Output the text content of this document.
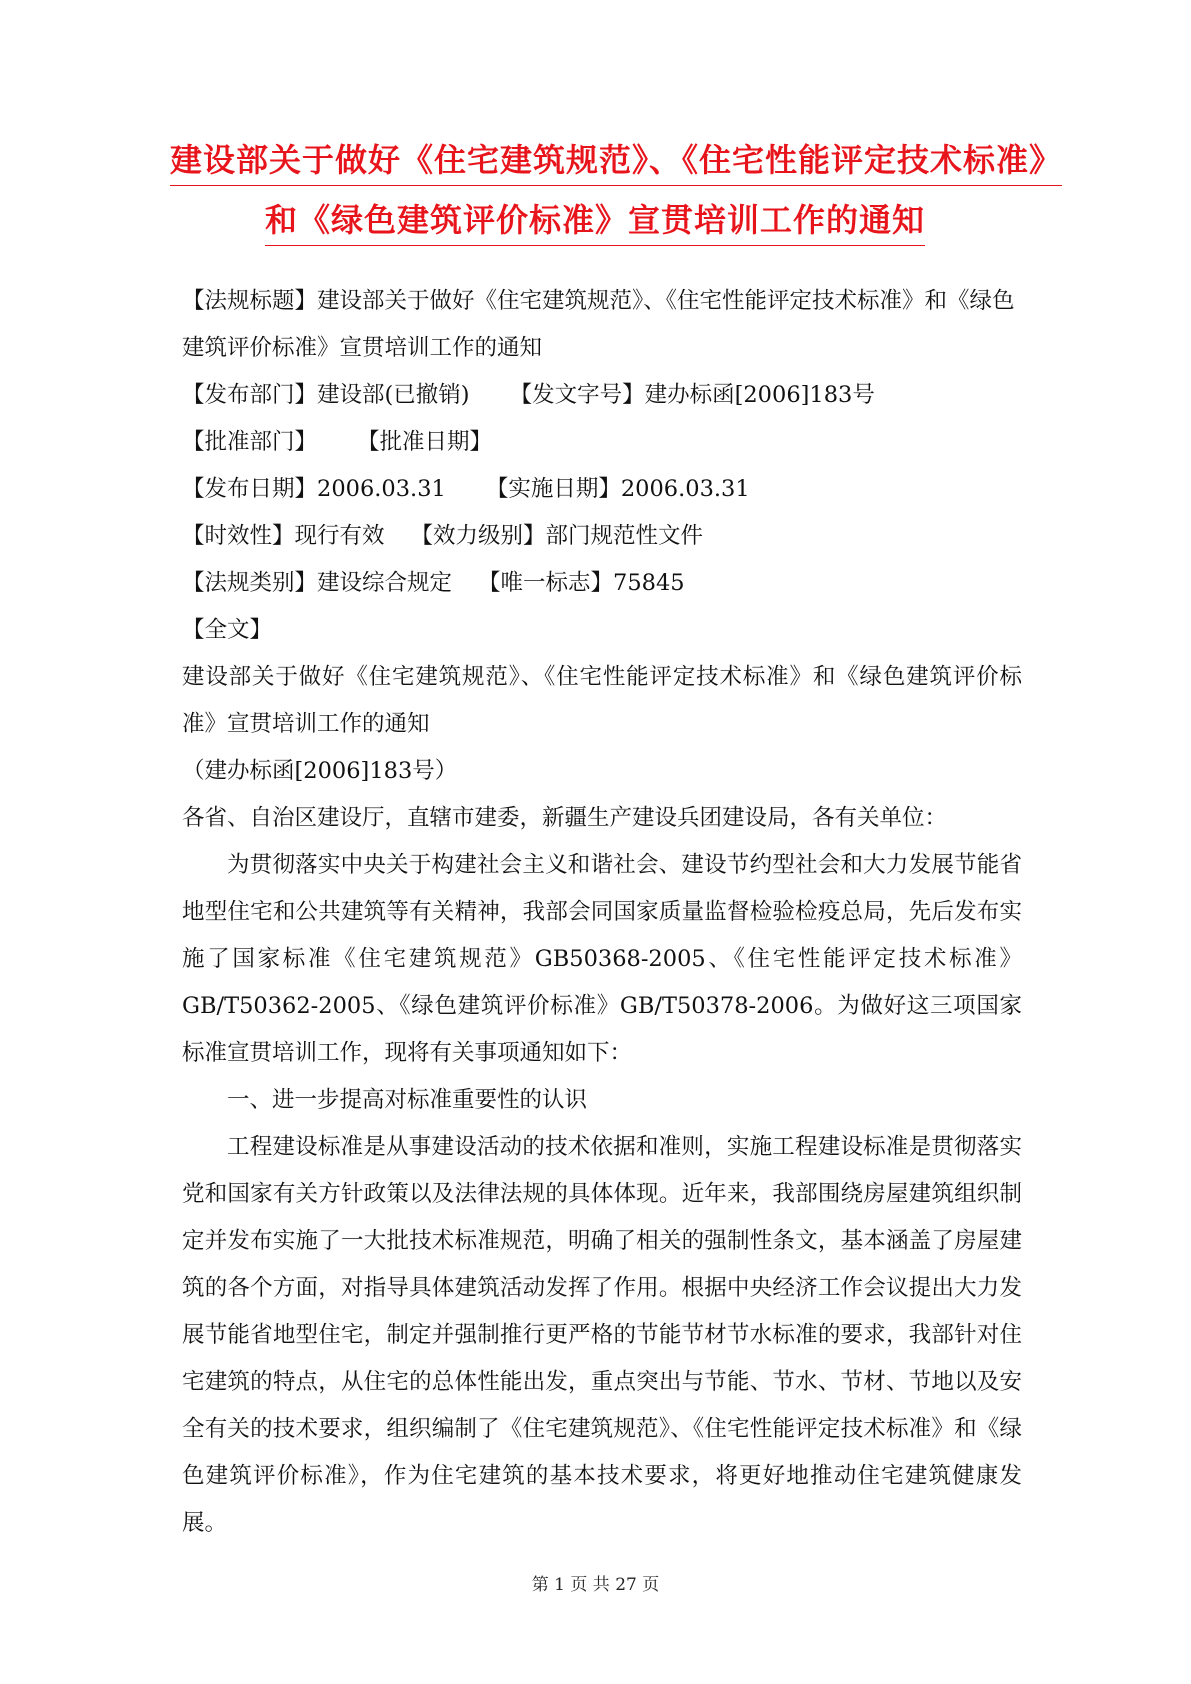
建设部关于做好《住宅建筑规范》、《住宅性能评定技术标准》
和《绿色建筑评价标准》宣贯培训工作的通知

【法规标题】建设部关于做好《住宅建筑规范》、《住宅性能评定技术标准》和《绿色建筑评价标准》宣贯培训工作的通知

【发布部门】建设部(已撤销) 【发文字号】建办标函[2006]183号

【批准部门】 【批准日期】

【发布日期】2006.03.31 【实施日期】2006.03.31

【时效性】现行有效 【效力级别】部门规范性文件

【法规类别】建设综合规定 【唯一标志】75845

【全文】

建设部关于做好《住宅建筑规范》、《住宅性能评定技术标准》和《绿色建筑评价标准》宣贯培训工作的通知

（建办标函[2006]183号）

各省、自治区建设厅，直辖市建委，新疆生产建设兵团建设局，各有关单位：

为贯彻落实中央关于构建社会主义和谐社会、建设节约型社会和大力发展节能省地型住宅和公共建筑等有关精神，我部会同国家质量监督检验检疫总局，先后发布实施了国家标准《住宅建筑规范》GB50368-2005、《住宅性能评定技术标准》GB/T50362-2005、《绿色建筑评价标准》GB/T50378-2006。为做好这三项国家标准宣贯培训工作，现将有关事项通知如下：

一、进一步提高对标准重要性的认识

工程建设标准是从事建设活动的技术依据和准则，实施工程建设标准是贯彻落实党和国家有关方针政策以及法律法规的具体体现。近年来，我部围绕房屋建筑组织制定并发布实施了一大批技术标准规范，明确了相关的强制性条文，基本涵盖了房屋建筑的各个方面，对指导具体建筑活动发挥了作用。根据中央经济工作会议提出大力发展节能省地型住宅，制定并强制推行更严格的节能节材节水标准的要求，我部针对住宅建筑的特点，从住宅的总体性能出发，重点突出与节能、节水、节材、节地以及安全有关的技术要求，组织编制了《住宅建筑规范》、《住宅性能评定技术标准》和《绿色建筑评价标准》，作为住宅建筑的基本技术要求，将更好地推动住宅建筑健康发展。

第 1 页 共 27 页
